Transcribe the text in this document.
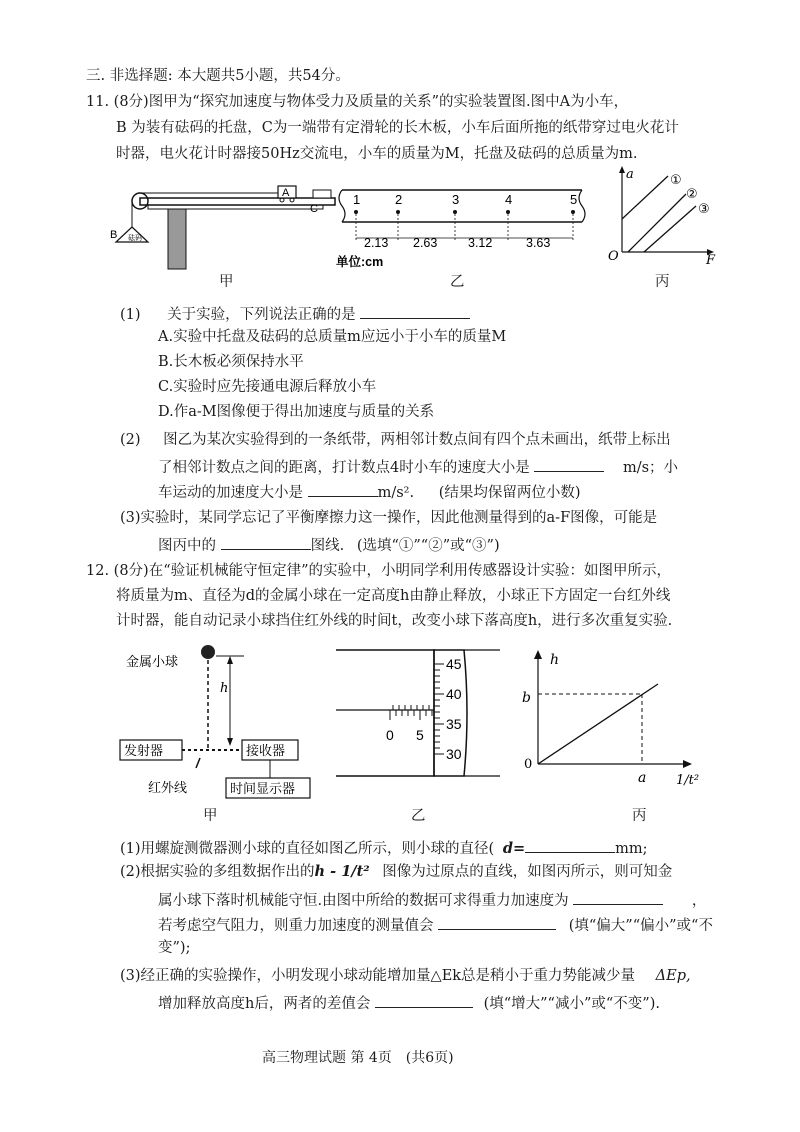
三. 非选择题: 本大题共5小题，共54分。
11. (8分)图甲为“探究加速度与物体受力及质量的关系”的实验装置图.图中A为小车，
B 为装有砝码的托盘，C为一端带有定滑轮的长木板，小车后面所拖的纸带穿过电火花计
时器，电火花计时器接50Hz交流电，小车的质量为M，托盘及砝码的总质量为m.
A
C
砝码
B
甲
1	2	3	4	5
2.13 2.63 3.12	3.63
单位:cm
乙
a
F
O
①
②
③
丙
(1) 关于实验，下列说法正确的是
A.实验中托盘及砝码的总质量m应远小于小车的质量M
B.长木板必须保持水平
C.实验时应先接通电源后释放小车
D.作a-M图像便于得出加速度与质量的关系
(2) 图乙为某次实验得到的一条纸带，两相邻计数点间有四个点未画出，纸带上标出
了相邻计数点之间的距离，打计数点4时小车的速度大小是	m/s；小
车运动的加速度大小是	m/s². (结果均保留两位小数)
(3)实验时，某同学忘记了平衡摩擦力这一操作，因此他测量得到的a-F图像，可能是
图丙中的	图线. (选填“①”“②”或“③”)
12. (8分)在“验证机械能守恒定律”的实验中，小明同学利用传感器设计实验：如图甲所示，
将质量为m、直径为d的金属小球在一定高度h由静止释放，小球正下方固定一台红外线
计时器，能自动记录小球挡住红外线的时间t，改变小球下落高度h，进行多次重复实验.
金属小球
h
发射器	接收器
红外线	时间显示器
甲
0 5
45
40
35
30
乙
h
1/t²
b
a
0
丙
(1)用螺旋测微器测小球的直径如图乙所示，则小球的直径( d=	mm;
(2)根据实验的多组数据作出的h - 1/t² 图像为过原点的直线，如图丙所示，则可知金
属小球下落时机械能守恒.由图中所给的数据可求得重力加速度为	，
若考虑空气阻力，则重力加速度的测量值会	(填“偏大”“偏小”或“不
变”);
(3)经正确的实验操作，小明发现小球动能增加量△Ek总是稍小于重力势能减少量 ΔEp,
增加释放高度h后，两者的差值会	(填“增大”“减小”或“不变”).
高三物理试题 第 4页　(共6页)
